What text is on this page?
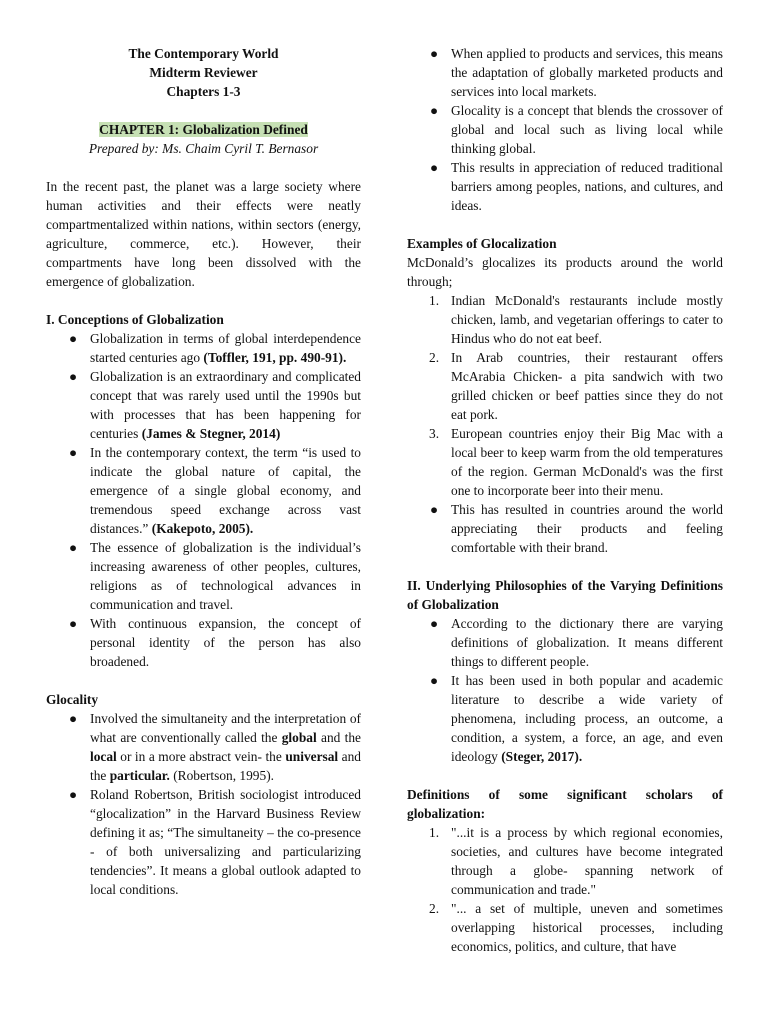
The Contemporary World

Midterm Reviewer

Chapters 1-3

CHAPTER 1: Globalization Defined

Prepared by: Ms. Chaim Cyril T. Bernasor

In the recent past, the planet was a large society where human activities and their effects were neatly compartmentalized within nations, within sectors (energy, agriculture, commerce, etc.). However, their compartments have long been dissolved with the emergence of globalization.

I. Conceptions of Globalization

● Globalization in terms of global interdependence started centuries ago (Toffler, 191, pp. 490-91).
● Globalization is an extraordinary and complicated concept that was rarely used until the 1990s but with processes that has been happening for centuries (James & Stegner, 2014)
● In the contemporary context, the term “is used to indicate the global nature of capital, the emergence of a single global economy, and tremendous speed exchange across vast distances.” (Kakepoto, 2005).
● The essence of globalization is the individual’s increasing awareness of other peoples, cultures, religions as of technological advances in communication and travel.
● With continuous expansion, the concept of personal identity of the person has also broadened.

Glocality

● Involved the simultaneity and the interpretation of what are conventionally called the global and the local or in a more abstract vein- the universal and the particular. (Robertson, 1995).
● Roland Robertson, British sociologist introduced “glocalization” in the Harvard Business Review defining it as; “The simultaneity – the co-presence - of both universalizing and particularizing tendencies”. It means a global outlook adapted to local conditions.
● When applied to products and services, this means the adaptation of globally marketed products and services into local markets.
● Glocality is a concept that blends the crossover of global and local such as living local while thinking global.
● This results in appreciation of reduced traditional barriers among peoples, nations, and cultures, and ideas.

Examples of Glocalization

McDonald’s glocalizes its products around the world through;

1. Indian McDonald's restaurants include mostly chicken, lamb, and vegetarian offerings to cater to Hindus who do not eat beef.
2. In Arab countries, their restaurant offers McArabia Chicken- a pita sandwich with two grilled chicken or beef patties since they do not eat pork.
3. European countries enjoy their Big Mac with a local beer to keep warm from the old temperatures of the region. German McDonald's was the first one to incorporate beer into their menu.
● This has resulted in countries around the world appreciating their products and feeling comfortable with their brand.

II. Underlying Philosophies of the Varying Definitions of Globalization

● According to the dictionary there are varying definitions of globalization. It means different things to different people.
● It has been used in both popular and academic literature to describe a wide variety of phenomena, including process, an outcome, a condition, a system, a force, an age, and even ideology (Steger, 2017).

Definitions of some significant scholars of globalization:

1. "...it is a process by which regional economies, societies, and cultures have become integrated through a globe- spanning network of communication and trade."
2. "... a set of multiple, uneven and sometimes overlapping historical processes, including economics, politics, and culture, that have
